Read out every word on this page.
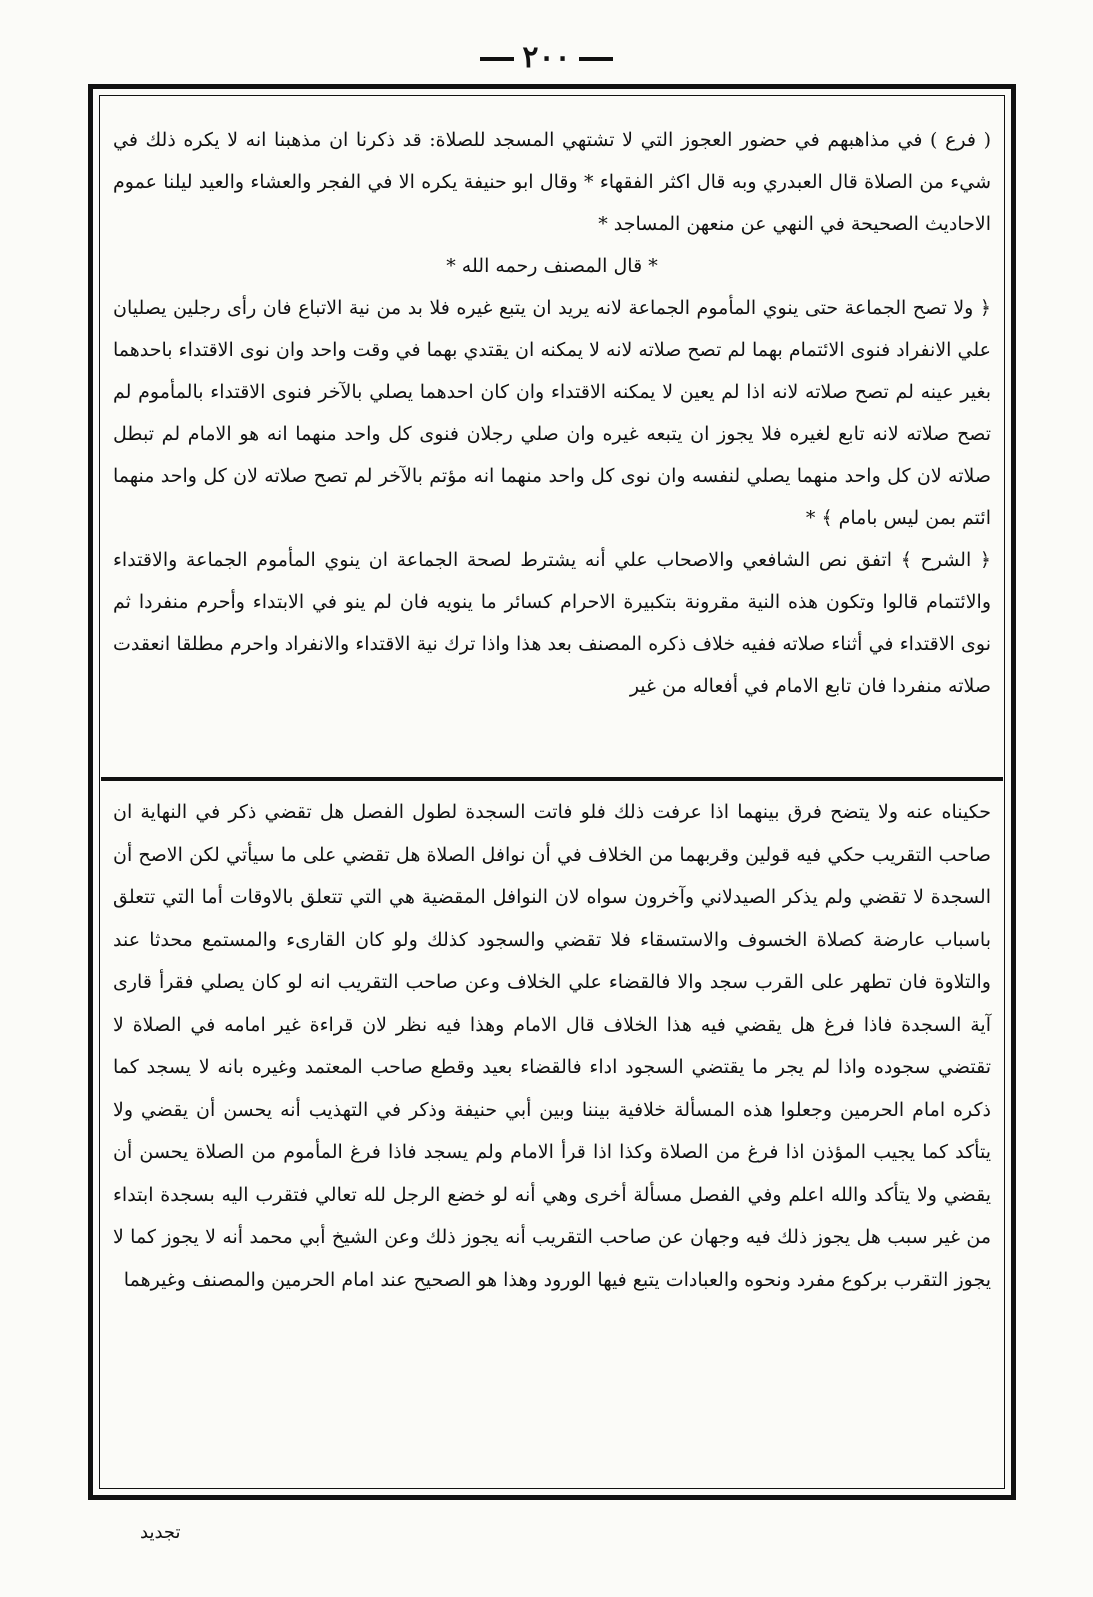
٢٠٠

( فرع ) في مذاهبهم في حضور العجوز التي لا تشتهي المسجد للصلاة: قد ذكرنا ان مذهبنا انه لا يكره ذلك في شيء من الصلاة قال العبدري وبه قال اكثر الفقهاء * وقال ابو حنيفة يكره الا في الفجر والعشاء والعيد ليلنا عموم الاحاديث الصحيحة في النهي عن منعهن المساجد *

* قال المصنف رحمه الله *

﴿ ولا تصح الجماعة حتى ينوي المأموم الجماعة لانه يريد ان يتبع غيره فلا بد من نية الاتباع فان رأى رجلين يصليان علي الانفراد فنوى الائتمام بهما لم تصح صلاته لانه لا يمكنه ان يقتدي بهما في وقت واحد وان نوى الاقتداء باحدهما بغير عينه لم تصح صلاته لانه اذا لم يعين لا يمكنه الاقتداء وان كان احدهما يصلي بالآخر فنوى الاقتداء بالمأموم لم تصح صلاته لانه تابع لغيره فلا يجوز ان يتبعه غيره وان صلي رجلان فنوى كل واحد منهما انه هو الامام لم تبطل صلاته لان كل واحد منهما يصلي لنفسه وان نوى كل واحد منهما انه مؤتم بالآخر لم تصح صلاته لان كل واحد منهما ائتم بمن ليس بامام ﴾ *

﴿ الشرح ﴾ اتفق نص الشافعي والاصحاب علي أنه يشترط لصحة الجماعة ان ينوي المأموم الجماعة والاقتداء والائتمام قالوا وتكون هذه النية مقرونة بتكبيرة الاحرام كسائر ما ينويه فان لم ينو في الابتداء وأحرم منفردا ثم نوى الاقتداء في أثناء صلاته ففيه خلاف ذكره المصنف بعد هذا واذا ترك نية الاقتداء والانفراد واحرم مطلقا انعقدت صلاته منفردا فان تابع الامام في أفعاله من غير

حكيناه عنه ولا يتضح فرق بينهما اذا عرفت ذلك فلو فاتت السجدة لطول الفصل هل تقضي ذكر في النهاية ان صاحب التقريب حكي فيه قولين وقربهما من الخلاف في أن نوافل الصلاة هل تقضي على ما سيأتي لكن الاصح أن السجدة لا تقضي ولم يذكر الصيدلاني وآخرون سواه لان النوافل المقضية هي التي تتعلق بالاوقات أما التي تتعلق باسباب عارضة كصلاة الخسوف والاستسقاء فلا تقضي والسجود كذلك ولو كان القارىء والمستمع محدثا عند والتلاوة فان تطهر على القرب سجد والا فالقضاء علي الخلاف وعن صاحب التقريب انه لو كان يصلي فقرأ قارى آية السجدة فاذا فرغ هل يقضي فيه هذا الخلاف قال الامام وهذا فيه نظر لان قراءة غير امامه في الصلاة لا تقتضي سجوده واذا لم يجر ما يقتضي السجود اداء فالقضاء بعيد وقطع صاحب المعتمد وغيره بانه لا يسجد كما ذكره امام الحرمين وجعلوا هذه المسألة خلافية بيننا وبين أبي حنيفة وذكر في التهذيب أنه يحسن أن يقضي ولا يتأكد كما يجيب المؤذن اذا فرغ من الصلاة وكذا اذا قرأ الامام ولم يسجد فاذا فرغ المأموم من الصلاة يحسن أن يقضي ولا يتأكد والله اعلم وفي الفصل مسألة أخرى وهي أنه لو خضع الرجل لله تعالي فتقرب اليه بسجدة ابتداء من غير سبب هل يجوز ذلك فيه وجهان عن صاحب التقريب أنه يجوز ذلك وعن الشيخ أبي محمد أنه لا يجوز كما لا يجوز التقرب بركوع مفرد ونحوه والعبادات يتبع فيها الورود وهذا هو الصحيح عند امام الحرمين والمصنف وغيرهما

تجديد
